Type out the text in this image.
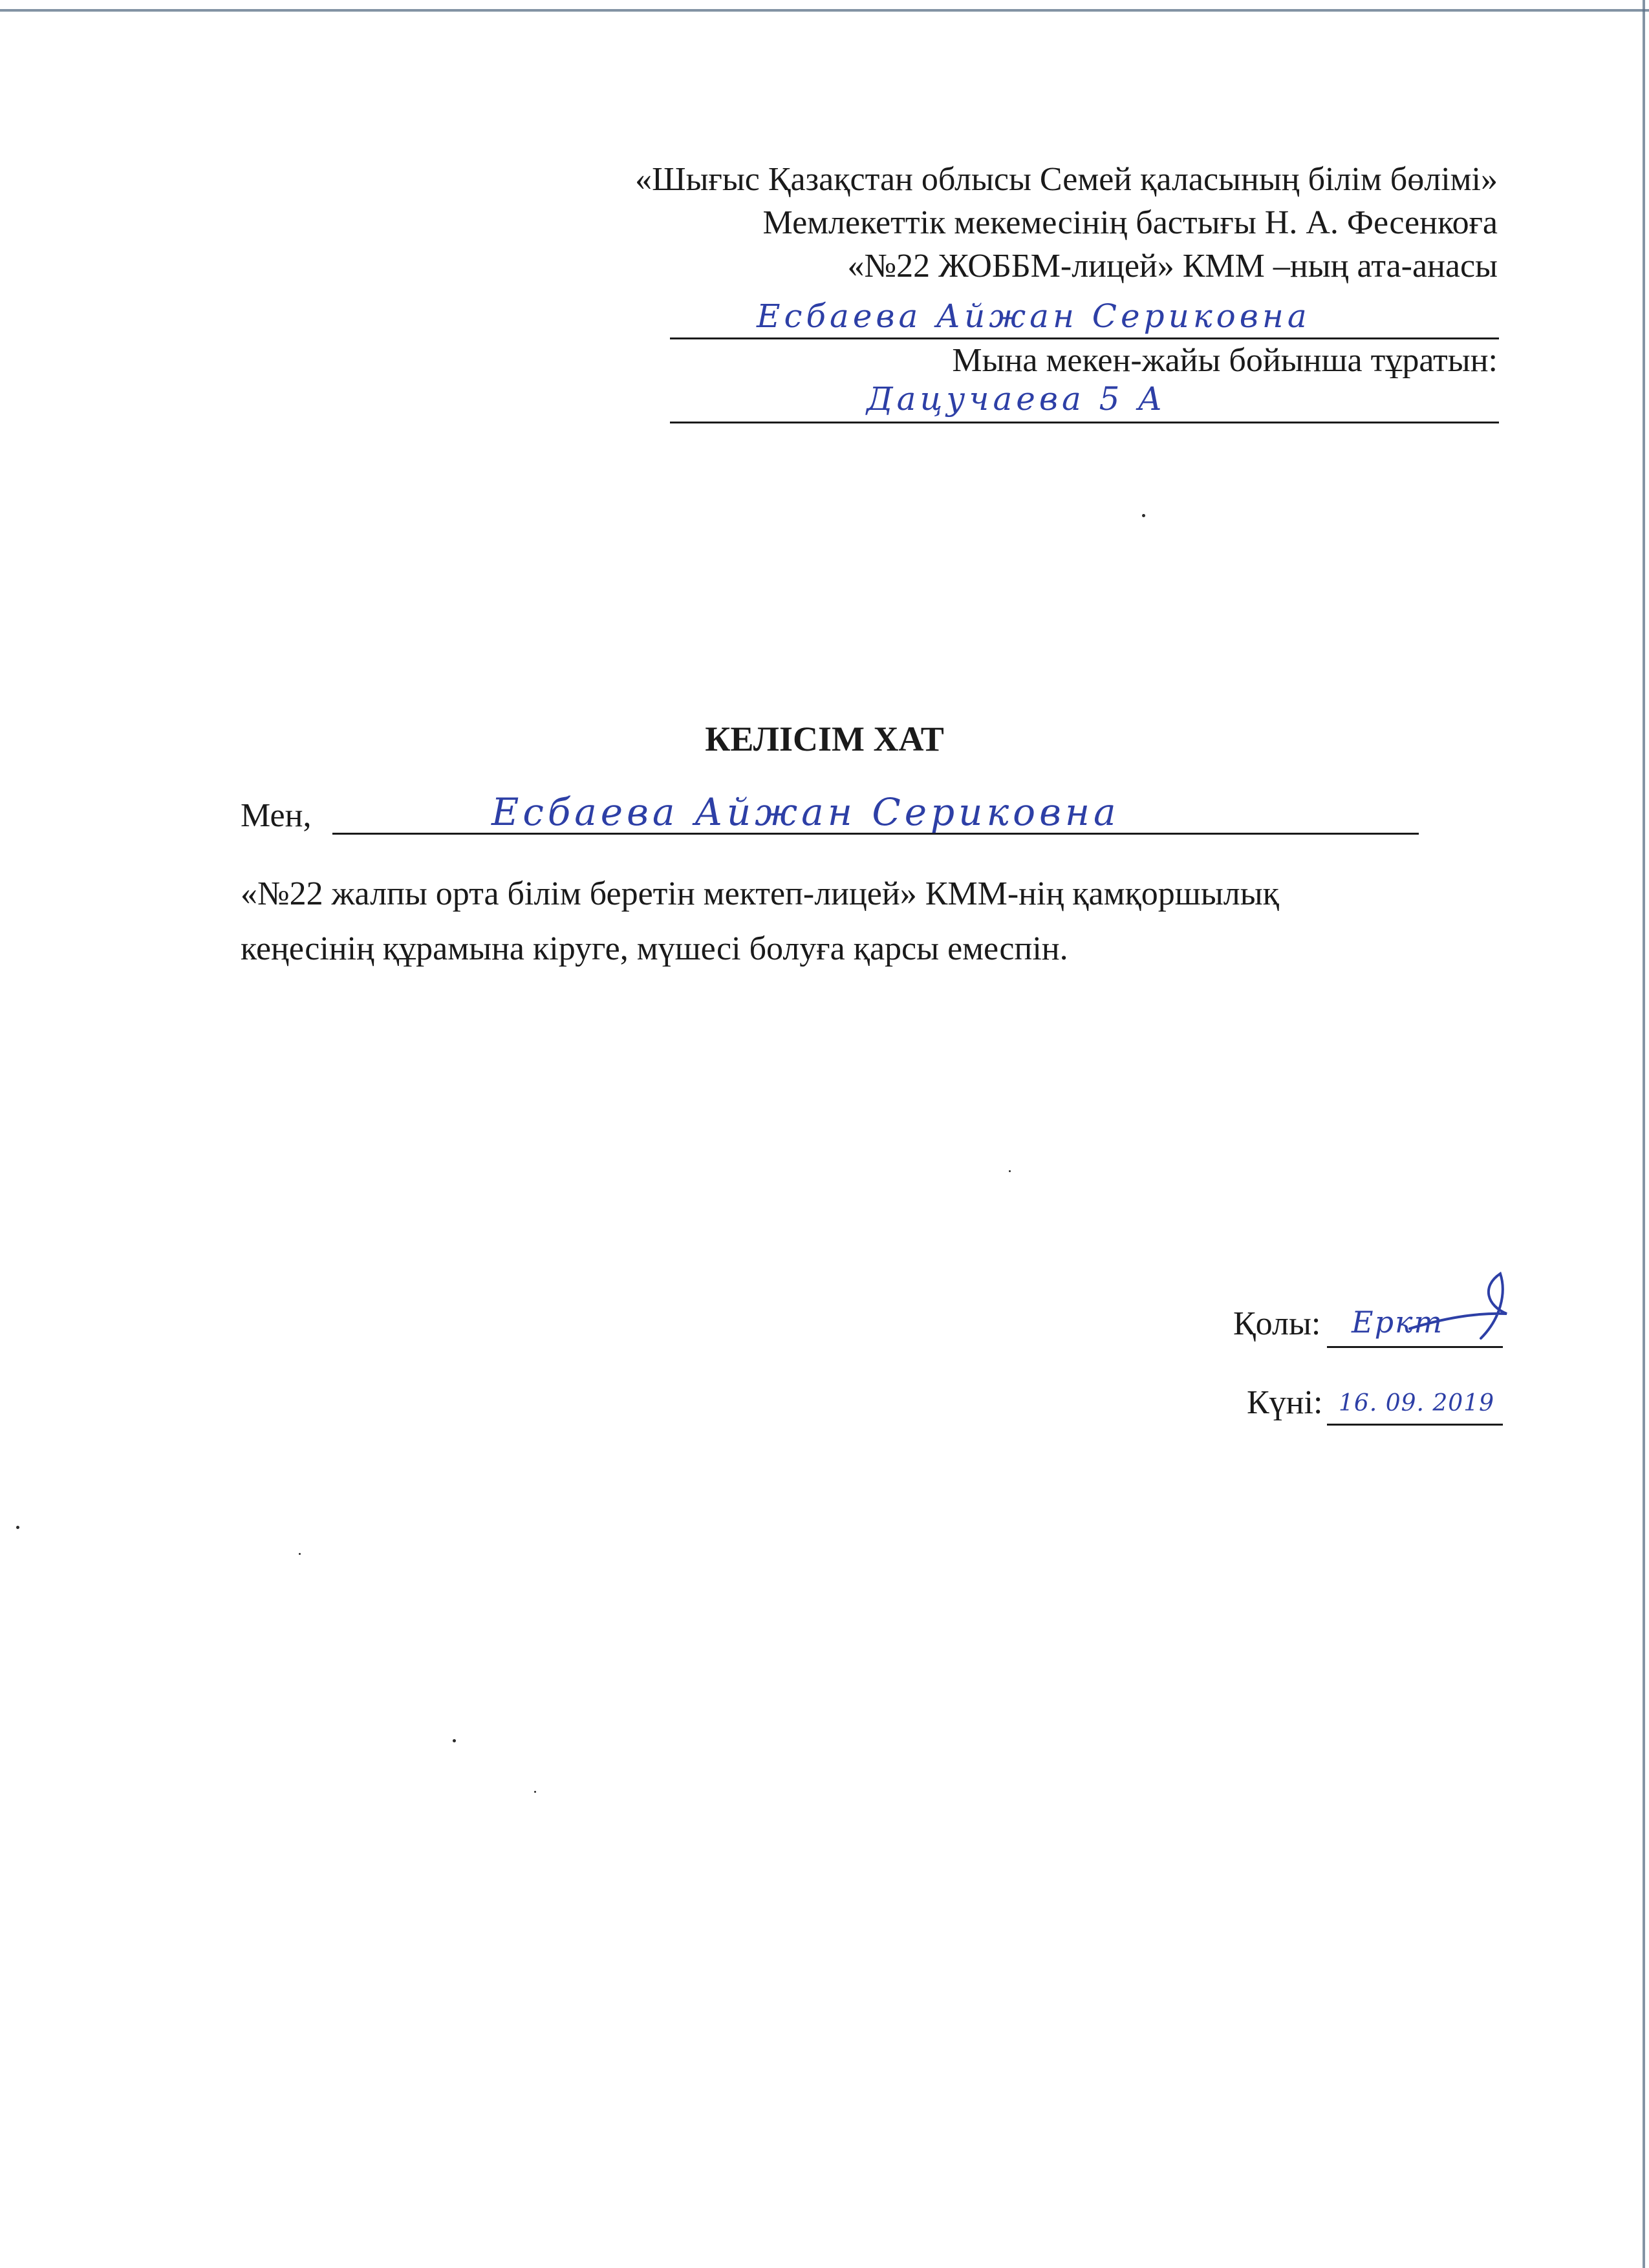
«Шығыс Қазақстан облысы Семей қаласының білім бөлімі»
Мемлекеттік мекемесінің бастығы Н. А. Фесенкоға
«№22 ЖОББМ-лицей» КММ –ның ата-анасы
Есбаева Айжан Сериковна
Мына мекен-жайы бойынша тұратын:
Дацучаева 5 А
КЕЛІСІМ ХАТ
Мен,	Есбаева Айжан Сериковна
«№22 жалпы орта білім беретін мектеп-лицей» КММ-нің қамқоршылық
кеңесінің құрамына кіруге, мүшесі болуға қарсы емеспін.
Қолы: Еркт
Күні: 16. 09. 2019
